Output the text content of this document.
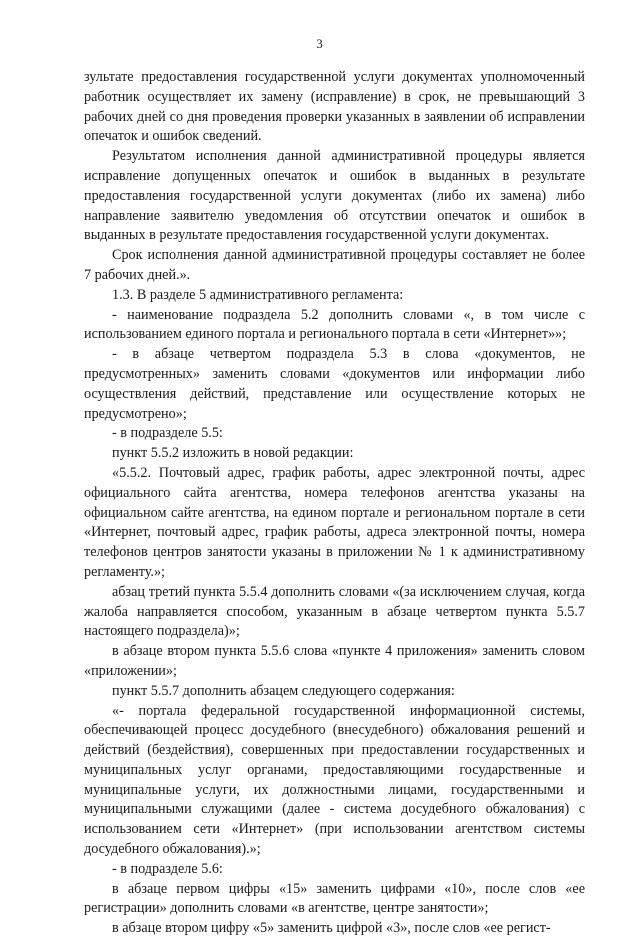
3

зультате предоставления государственной услуги документах уполномоченный работник осуществляет их замену (исправление) в срок, не превышающий 3 рабочих дней со дня проведения проверки указанных в заявлении об исправлении опечаток и ошибок сведений.

Результатом исполнения данной административной процедуры является исправление допущенных опечаток и ошибок в выданных в результате предоставления государственной услуги документах (либо их замена) либо направление заявителю уведомления об отсутствии опечаток и ошибок в выданных в результате предоставления государственной услуги документах.

Срок исполнения данной административной процедуры составляет не более 7 рабочих дней.».

1.3. В разделе 5 административного регламента:

- наименование подраздела 5.2 дополнить словами «, в том числе с использованием единого портала и регионального портала в сети «Интернет»»;

- в абзаце четвертом подраздела 5.3 в слова «документов, не предусмотренных» заменить словами «документов или информации либо осуществления действий, представление или осуществление которых не предусмотрено»;

- в подразделе 5.5:

пункт 5.5.2 изложить в новой редакции:

«5.5.2. Почтовый адрес, график работы, адрес электронной почты, адрес официального сайта агентства, номера телефонов агентства указаны на официальном сайте агентства, на едином портале и региональном портале в сети «Интернет, почтовый адрес, график работы, адреса электронной почты, номера телефонов центров занятости указаны в приложении № 1 к административному регламенту.»;

абзац третий пункта 5.5.4 дополнить словами «(за исключением случая, когда жалоба направляется способом, указанным в абзаце четвертом пункта 5.5.7 настоящего подраздела)»;

в абзаце втором пункта 5.5.6 слова «пункте 4 приложения» заменить словом «приложении»;

пункт 5.5.7 дополнить абзацем следующего содержания:

«- портала федеральной государственной информационной системы, обеспечивающей процесс досудебного (внесудебного) обжалования решений и действий (бездействия), совершенных при предоставлении государственных и муниципальных услуг органами, предоставляющими государственные и муниципальные услуги, их должностными лицами, государственными и муниципальными служащими (далее - система досудебного обжалования) с использованием сети «Интернет» (при использовании агентством системы досудебного обжалования).»;

- в подразделе 5.6:

в абзаце первом цифры «15» заменить цифрами «10», после слов «ее регистрации» дополнить словами «в агентстве, центре занятости»;

в абзаце втором цифру «5» заменить цифрой «3», после слов «ее регист-
